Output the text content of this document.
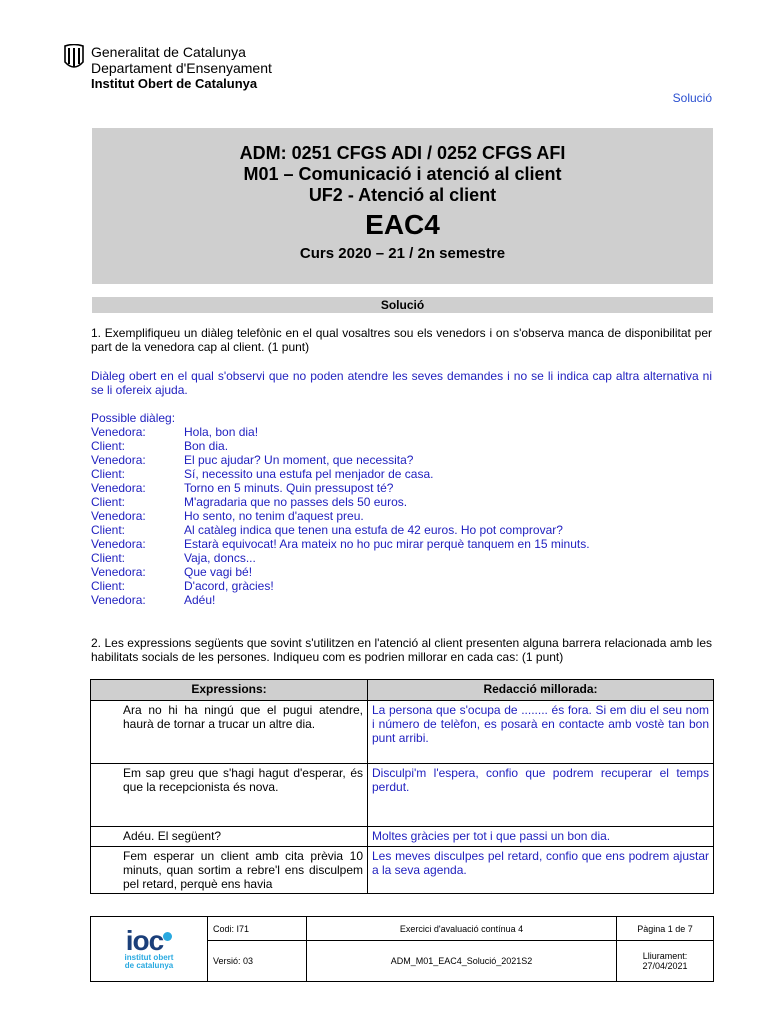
Generalitat de Catalunya
Departament d'Ensenyament
Institut Obert de Catalunya
Solució
ADM: 0251 CFGS ADI / 0252 CFGS AFI
M01 – Comunicació i atenció al client
UF2 - Atenció al client
EAC4
Curs 2020 – 21 / 2n semestre
Solució
1. Exemplifiqueu un diàleg telefònic en el qual vosaltres sou els venedors i on s'observa manca de disponibilitat per part de la venedora cap al client. (1 punt)
Diàleg obert en el qual s'observi que no poden atendre les seves demandes i no se li indica cap altra alternativa ni se li ofereix ajuda.
Possible diàleg:
Venedora:	Hola, bon dia!
Client:	Bon dia.
Venedora:	El puc ajudar? Un moment, que necessita?
Client:	Sí, necessito una estufa pel menjador de casa.
Venedora:	Torno en 5 minuts. Quin pressupost té?
Client:	M'agradaria que no passes dels 50 euros.
Venedora:	Ho sento, no tenim d'aquest preu.
Client:	Al catàleg indica que tenen una estufa de 42 euros. Ho pot comprovar?
Venedora:	Estarà equivocat! Ara mateix no ho puc mirar perquè tanquem en 15 minuts.
Client:	Vaja, doncs...
Venedora:	Que vagi bé!
Client:	D'acord, gràcies!
Venedora:	Adéu!
2. Les expressions següents que sovint s'utilitzen en l'atenció al client presenten alguna barrera relacionada amb les habilitats socials de les persones. Indiqueu com es podrien millorar en cada cas: (1 punt)
Expressions:	Redacció millorada:
Ara no hi ha ningú que el pugui atendre, haurà de tornar a trucar un altre dia.	La persona que s'ocupa de ........ és fora. Si em diu el seu nom i número de telèfon, es posarà en contacte amb vostè tan bon punt arribi.
Em sap greu que s'hagi hagut d'esperar, és que la recepcionista és nova.	Disculpi'm l'espera, confio que podrem recuperar el temps perdut.
Adéu. El següent?	Moltes gràcies per tot i que passi un bon dia.

Fem esperar un client amb cita prèvia 10 minuts, quan sortim a rebre'l ens disculpem pel retard, perquè ens havia	Les meves disculpes pel retard, confio que ens podrem ajustar a la seva agenda.
ioc
institut obert
de catalunya	Codi: I71	Exercici d'avaluació contínua 4	Pàgina 1 de 7
	Versió: 03	ADM_M01_EAC4_Solució_2021S2	Lliurament:
27/04/2021
